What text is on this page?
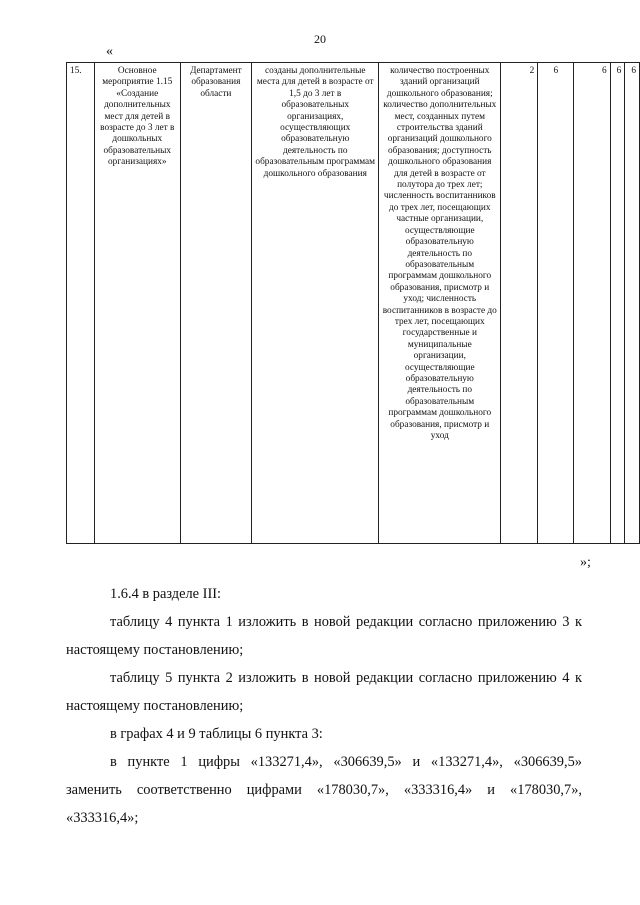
20
«
15.	Основное мероприятие 1.15 «Создание дополнительных мест для детей в возрасте до 3 лет в дошкольных образовательных организациях»	Департамент образования области	созданы дополнительные места для детей в возрасте от 1,5 до 3 лет в образовательных организациях, осуществляющих образовательную деятельность по образовательным программам дошкольного образования	количество построенных зданий организаций дошкольного образования; количество дополнительных мест, созданных путем строительства зданий организаций дошкольного образования; доступность дошкольного образования для детей в возрасте от полутора до трех лет; численность воспитанников до трех лет, посещающих частные организации, осуществляющие образовательную деятельность по образовательным программам дошкольного образования, присмотр и уход; численность воспитанников в возрасте до трех лет, посещающих государственные и муниципальные организации, осуществляющие образовательную деятельность по образовательным программам дошкольного образования, присмотр и уход	2	6	6	6	6
»;

1.6.4 в разделе III:

таблицу 4 пункта 1 изложить в новой редакции согласно приложению 3 к настоящему постановлению;

таблицу 5 пункта 2 изложить в новой редакции согласно приложению 4 к настоящему постановлению;

в графах 4 и 9 таблицы 6 пункта 3:

в пункте 1 цифры «133271,4», «306639,5» и «133271,4», «306639,5» заменить соответственно цифрами «178030,7», «333316,4» и «178030,7», «333316,4»;
